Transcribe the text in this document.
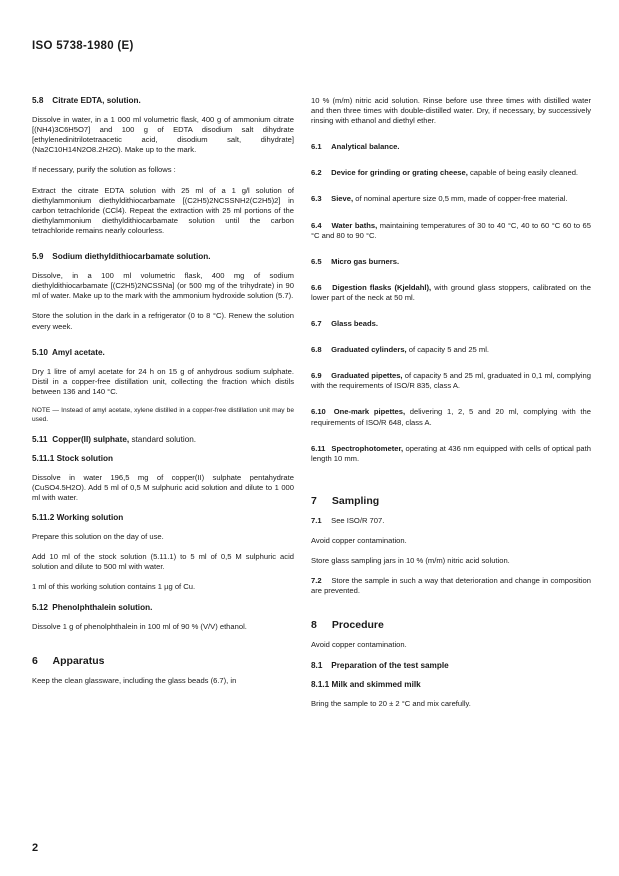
ISO 5738-1980 (E)
5.8 Citrate EDTA, solution.

Dissolve in water, in a 1 000 ml volumetric flask, 400 g of ammonium citrate [(NH4)3C6H5O7] and 100 g of EDTA disodium salt dihydrate [ethylenedinitrilotetraacetic acid, disodium salt, dihydrate] (Na2C10H14N2O8.2H2O). Make up to the mark.

If necessary, purify the solution as follows :

Extract the citrate EDTA solution with 25 ml of a 1 g/l solution of diethylammonium diethyldithiocarbamate [(C2H5)2NCSSNH2(C2H5)2] in carbon tetrachloride (CCl4). Repeat the extraction with 25 ml portions of the diethylammonium diethyldithiocarbamate solution until the carbon tetrachloride remains nearly colourless.

5.9 Sodium diethyldithiocarbamate solution.

Dissolve, in a 100 ml volumetric flask, 400 mg of sodium diethyldithiocarbamate [(C2H5)2NCSSNa] (or 500 mg of the trihydrate) in 90 ml of water. Make up to the mark with the ammonium hydroxide solution (5.7).

Store the solution in the dark in a refrigerator (0 to 8 °C). Renew the solution every week.

5.10 Amyl acetate.

Dry 1 litre of amyl acetate for 24 h on 15 g of anhydrous sodium sulphate. Distil in a copper-free distillation unit, collecting the fraction which distils between 136 and 140 °C.

NOTE — Instead of amyl acetate, xylene distilled in a copper-free distillation unit may be used.

5.11 Copper(II) sulphate, standard solution.
5.11.1 Stock solution

Dissolve in water 196,5 mg of copper(II) sulphate pentahydrate (CuSO4.5H2O). Add 5 ml of 0,5 M sulphuric acid solution and dilute to 1 000 ml with water.

5.11.2 Working solution

Prepare this solution on the day of use.

Add 10 ml of the stock solution (5.11.1) to 5 ml of 0,5 M sulphuric acid solution and dilute to 500 ml with water.

1 ml of this working solution contains 1 µg of Cu.

5.12 Phenolphthalein solution.

Dissolve 1 g of phenolphthalein in 100 ml of 90 % (V/V) ethanol.

6 Apparatus

Keep the clean glassware, including the glass beads (6.7), in

10 % (m/m) nitric acid solution. Rinse before use three times with distilled water and then three times with double-distilled water. Dry, if necessary, by successively rinsing with ethanol and diethyl ether.

6.1 Analytical balance.

6.2 Device for grinding or grating cheese, capable of being easily cleaned.

6.3 Sieve, of nominal aperture size 0,5 mm, made of copper-free material.

6.4 Water baths, maintaining temperatures of 30 to 40 °C, 40 to 60 °C 60 to 65 °C and 80 to 90 °C.

6.5 Micro gas burners.

6.6 Digestion flasks (Kjeldahl), with ground glass stoppers, calibrated on the lower part of the neck at 50 ml.

6.7 Glass beads.

6.8 Graduated cylinders, of capacity 5 and 25 ml.

6.9 Graduated pipettes, of capacity 5 and 25 ml, graduated in 0,1 ml, complying with the requirements of ISO/R 835, class A.

6.10 One-mark pipettes, delivering 1, 2, 5 and 20 ml, complying with the requirements of ISO/R 648, class A.

6.11 Spectrophotometer, operating at 436 nm equipped with cells of optical path length 10 mm.

7 Sampling

7.1 See ISO/R 707.

Avoid copper contamination.

Store glass sampling jars in 10 % (m/m) nitric acid solution.

7.2 Store the sample in such a way that deterioration and change in composition are prevented.

8 Procedure

Avoid copper contamination.

8.1 Preparation of the test sample
8.1.1 Milk and skimmed milk

Bring the sample to 20 ± 2 °C and mix carefully.

2
